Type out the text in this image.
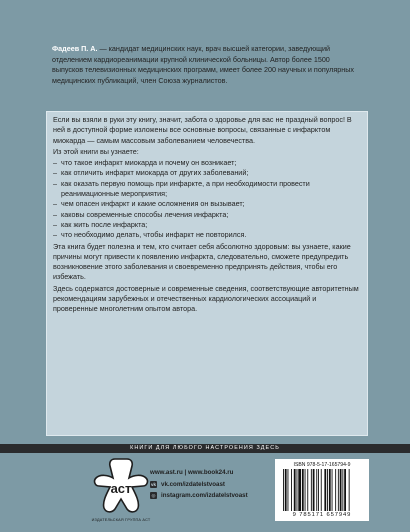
Фадеев П. А. — кандидат медицинских наук, врач высшей категории, заведующий отделением кардиореанимации крупной клинической больницы. Автор более 1500 выпусков телевизионных медицинских программ, имеет более 200 научных и популярных медицинских публикаций, член Союза журналистов.

Если вы взяли в руки эту книгу, значит, забота о здоровье для вас не праздный вопрос! В ней в доступной форме изложены все основные вопросы, связанные с инфарктом миокарда — самым массовым заболеванием человечества.

Из этой книги вы узнаете:

– что такое инфаркт миокарда и почему он возникает;
– как отличить инфаркт миокарда от других заболеваний;
– как оказать первую помощь при инфаркте, а при необходимости провести реанимационные мероприятия;
– чем опасен инфаркт и какие осложнения он вызывает;
– каковы современные способы лечения инфаркта;
– как жить после инфаркта;
– что необходимо делать, чтобы инфаркт не повторился.

Эта книга будет полезна и тем, кто считает себя абсолютно здоровым: вы узнаете, какие причины могут привести к появлению инфаркта, следовательно, сможете предупредить возникновение этого заболевания и своевременно предпринять действия, чтобы его избежать.

Здесь содержатся достоверные и современные сведения, соответствующие авторитетным рекомендациям зарубежных и отечественных кардиологических ассоциаций и проверенные многолетним опытом автора.

КНИГИ ДЛЯ ЛЮБОГО НАСТРОЕНИЯ ЗДЕСЬ
аст
ИЗДАТЕЛЬСКАЯ ГРУППА АСТ
www.ast.ru | www.book24.ru
vk vk.com/izdatelstvoast
◎ instagram.com/izdatelstvoast
ISBN 978-5-17-165794-9
9 785171 657949
